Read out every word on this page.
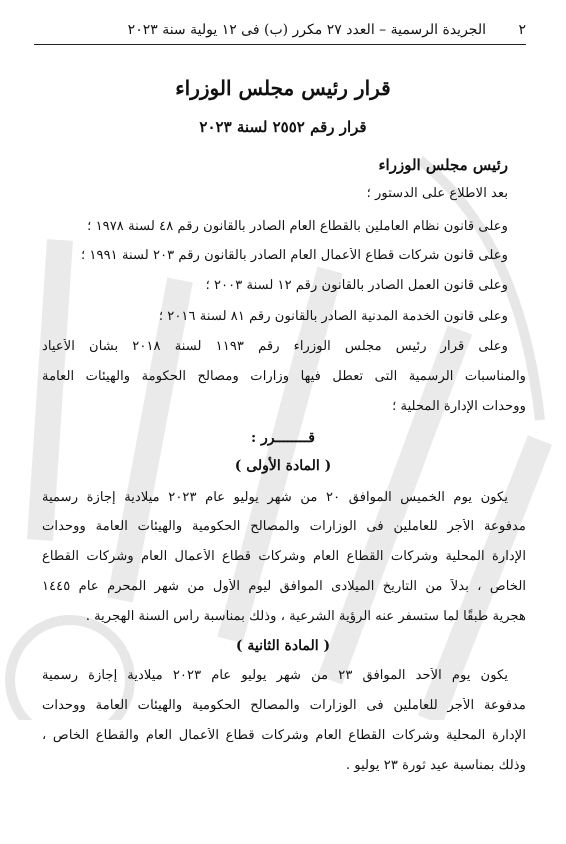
٢
الجريدة الرسمية – العدد ٢٧ مكرر (ب) فى ١٢ يولية سنة ٢٠٢٣
قرار رئيس مجلس الوزراء
قرار رقم ٢٥٥٢ لسنة ٢٠٢٣
رئيس مجلس الوزراء
بعد الاطلاع على الدستور ؛
وعلى قانون نظام العاملين بالقطاع العام الصادر بالقانون رقم ٤٨ لسنة ١٩٧٨ ؛
وعلى قانون شركات قطاع الأعمال العام الصادر بالقانون رقم ٢٠٣ لسنة ١٩٩١ ؛
وعلى قانون العمل الصادر بالقانون رقم ١٢ لسنة ٢٠٠٣ ؛
وعلى قانون الخدمة المدنية الصادر بالقانون رقم ٨١ لسنة ٢٠١٦ ؛
وعلى قرار رئيس مجلس الوزراء رقم ١١٩٣ لسنة ٢٠١٨ بشأن الأعياد
والمناسبات الرسمية التى تعطل فيها وزارات ومصالح الحكومة والهيئات العامة
ووحدات الإدارة المحلية ؛
قــــــــرر :
( المادة الأولى )
يكون يوم الخميس الموافق ٢٠ من شهر يوليو عام ٢٠٢٣ ميلادية إجازة رسمية
مدفوعة الأجر للعاملين فى الوزارات والمصالح الحكومية والهيئات العامة ووحدات
الإدارة المحلية وشركات القطاع العام وشركات قطاع الأعمال العام وشركات القطاع
الخاص ، بدلاً من التاريخ الميلادى الموافق ليوم الأول من شهر المحرم عام ١٤٤٥
هجرية طبقًا لما ستسفر عنه الرؤية الشرعية ، وذلك بمناسبة رأس السنة الهجرية .
( المادة الثانية )
يكون يوم الأحد الموافق ٢٣ من شهر يوليو عام ٢٠٢٣ ميلادية إجازة رسمية
مدفوعة الأجر للعاملين فى الوزارات والمصالح الحكومية والهيئات العامة ووحدات
الإدارة المحلية وشركات القطاع العام وشركات قطاع الأعمال العام والقطاع الخاص ،
وذلك بمناسبة عيد ثورة ٢٣ يوليو .
